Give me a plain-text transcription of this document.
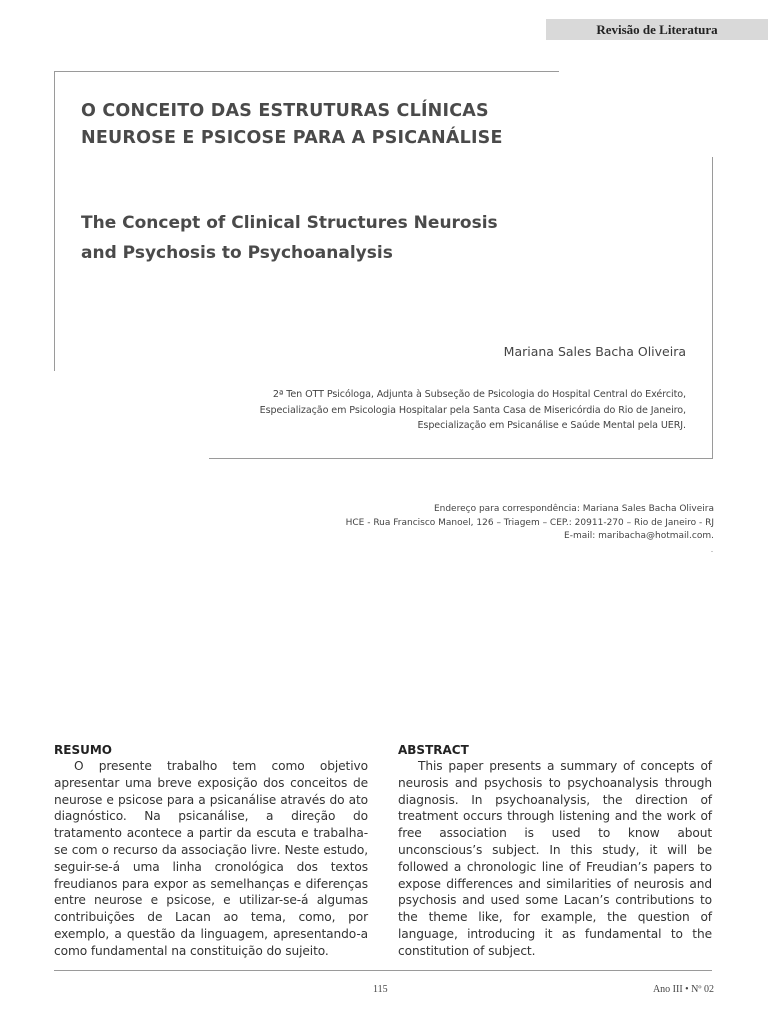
Revisão de Literatura
O CONCEITO DAS ESTRUTURAS CLÍNICAS
NEUROSE E PSICOSE PARA A PSICANÁLISE
The Concept of Clinical Structures Neurosis
and Psychosis to Psychoanalysis
Mariana Sales Bacha Oliveira
2ª Ten OTT Psicóloga, Adjunta à Subseção de Psicologia do Hospital Central do Exército,
Especialização em Psicologia Hospitalar pela Santa Casa de Misericórdia do Rio de Janeiro,
Especialização em Psicanálise e Saúde Mental pela UERJ.
Endereço para correspondência: Mariana Sales Bacha Oliveira
HCE - Rua Francisco Manoel, 126 – Triagem – CEP.: 20911-270 – Rio de Janeiro - RJ
E-mail: maribacha@hotmail.com.
.
RESUMO

O presente trabalho tem como objetivo apresentar uma breve exposição dos conceitos de neurose e psicose para a psicanálise através do ato diagnóstico. Na psicanálise, a direção do tratamento acontece a partir da escuta e trabalha-se com o recurso da associação livre. Neste estudo, seguir-se-á uma linha cronológica dos textos freudianos para expor as semelhanças e diferenças entre neurose e psicose, e utilizar-se-á algumas contribuições de Lacan ao tema, como, por exemplo, a questão da linguagem, apresentando-a como fundamental na constituição do sujeito.

ABSTRACT

This paper presents a summary of concepts of neurosis and psychosis to psychoanalysis through diagnosis. In psychoanalysis, the direction of treatment occurs through listening and the work of free association is used to know about unconscious’s subject. In this study, it will be followed a chronologic line of Freudian’s papers to expose differences and similarities of neurosis and psychosis and used some Lacan’s contributions to the theme like, for example, the question of language, introducing it as fundamental to the constitution of subject.

115	Ano III • Nº 02
